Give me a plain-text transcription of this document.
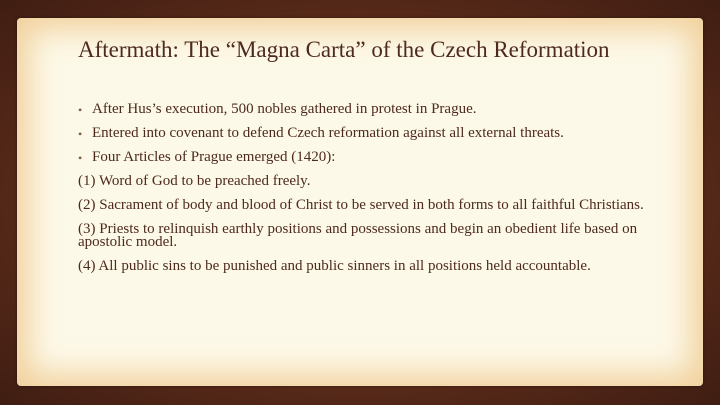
Aftermath: The “Magna Carta” of the Czech Reformation
• After Hus’s execution, 500 nobles gathered in protest in Prague.
• Entered into covenant to defend Czech reformation against all external threats.
• Four Articles of Prague emerged (1420):
(1) Word of God to be preached freely.
(2) Sacrament of body and blood of Christ to be served in both forms to all faithful Christians.
(3) Priests to relinquish earthly positions and possessions and begin an obedient life based on apostolic model.
(4) All public sins to be punished and public sinners in all positions held accountable.
